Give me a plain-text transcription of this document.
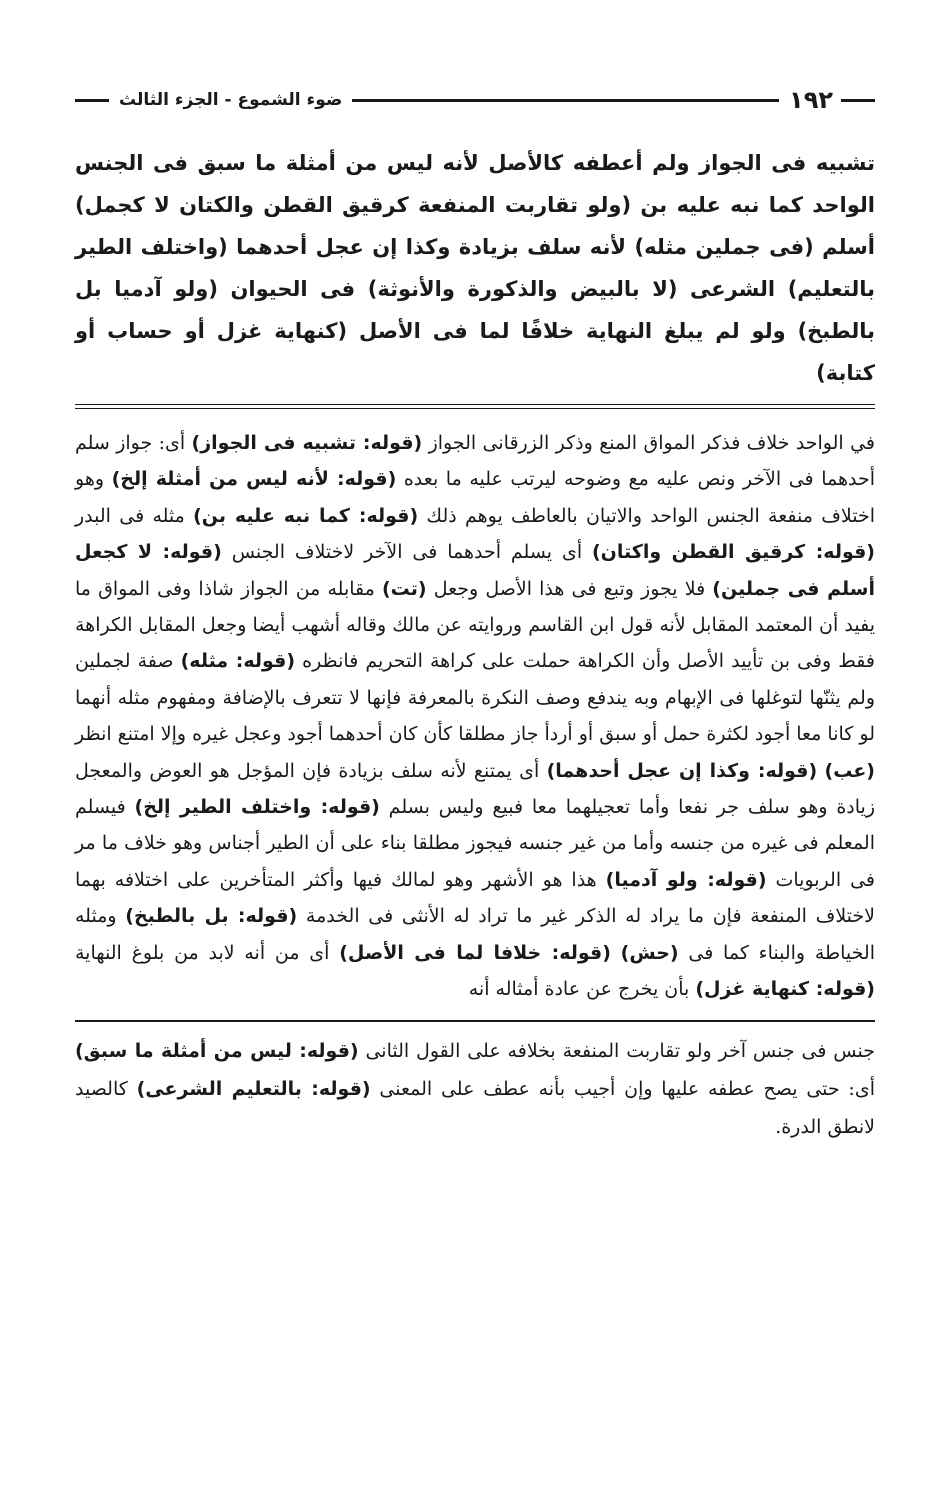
١٩٢
ضوء الشموع - الجزء الثالث

تشبيه فى الجواز ولم أعطفه كالأصل لأنه ليس من أمثلة ما سبق فى الجنس الواحد كما نبه عليه بن (ولو تقاربت المنفعة كرقيق القطن والكتان لا كجمل) أسلم (فى جملين مثله) لأنه سلف بزيادة وكذا إن عجل أحدهما (واختلف الطير بالتعليم) الشرعى (لا بالبيض والذكورة والأنوثة) فى الحيوان (ولو آدميا بل بالطبخ) ولو لم يبلغ النهاية خلافًا لما فى الأصل (كنهاية غزل أو حساب أو كتابة)

في الواحد خلاف فذكر المواق المنع وذكر الزرقانى الجواز (قوله: تشبيه فى الجواز) أى: جواز سلم أحدهما فى الآخر ونص عليه مع وضوحه ليرتب عليه ما بعده (قوله: لأنه ليس من أمثلة إلخ) وهو اختلاف منفعة الجنس الواحد والاتيان بالعاطف يوهم ذلك (قوله: كما نبه عليه بن) مثله فى البدر (قوله: كرقيق القطن واكتان) أى يسلم أحدهما فى الآخر لاختلاف الجنس (قوله: لا كجعل أسلم فى جملين) فلا يجوز وتبع فى هذا الأصل وجعل (تت) مقابله من الجواز شاذا وفى المواق ما يفيد أن المعتمد المقابل لأنه قول ابن القاسم وروايته عن مالك وقاله أشهب أيضا وجعل المقابل الكراهة فقط وفى بن تأييد الأصل وأن الكراهة حملت على كراهة التحريم فانظره (قوله: مثله) صفة لجملين ولم يثنّها لتوغلها فى الإبهام وبه يندفع وصف النكرة بالمعرفة فإنها لا تتعرف بالإضافة ومفهوم مثله أنهما لو كانا معا أجود لكثرة حمل أو سبق أو أردأ جاز مطلقا كأن كان أحدهما أجود وعجل غيره وإلا امتنع انظر (عب) (قوله: وكذا إن عجل أحدهما) أى يمتنع لأنه سلف بزيادة فإن المؤجل هو العوض والمعجل زيادة وهو سلف جر نفعا وأما تعجيلهما معا فبيع وليس بسلم (قوله: واختلف الطير إلخ) فيسلم المعلم فى غيره من جنسه وأما من غير جنسه فيجوز مطلقا بناء على أن الطير أجناس وهو خلاف ما مر فى الربويات (قوله: ولو آدميا) هذا هو الأشهر وهو لمالك فيها وأكثر المتأخرين على اختلافه بهما لاختلاف المنفعة فإن ما يراد له الذكر غير ما تراد له الأنثى فى الخدمة (قوله: بل بالطبخ) ومثله الخياطة والبناء كما فى (حش) (قوله: خلافا لما فى الأصل) أى من أنه لابد من بلوغ النهاية (قوله: كنهاية غزل) بأن يخرج عن عادة أمثاله أنه

جنس فى جنس آخر ولو تقاربت المنفعة بخلافه على القول الثانى (قوله: ليس من أمثلة ما سبق) أى: حتى يصح عطفه عليها وإن أجيب بأنه عطف على المعنى (قوله: بالتعليم الشرعى) كالصيد لانطق الدرة.
